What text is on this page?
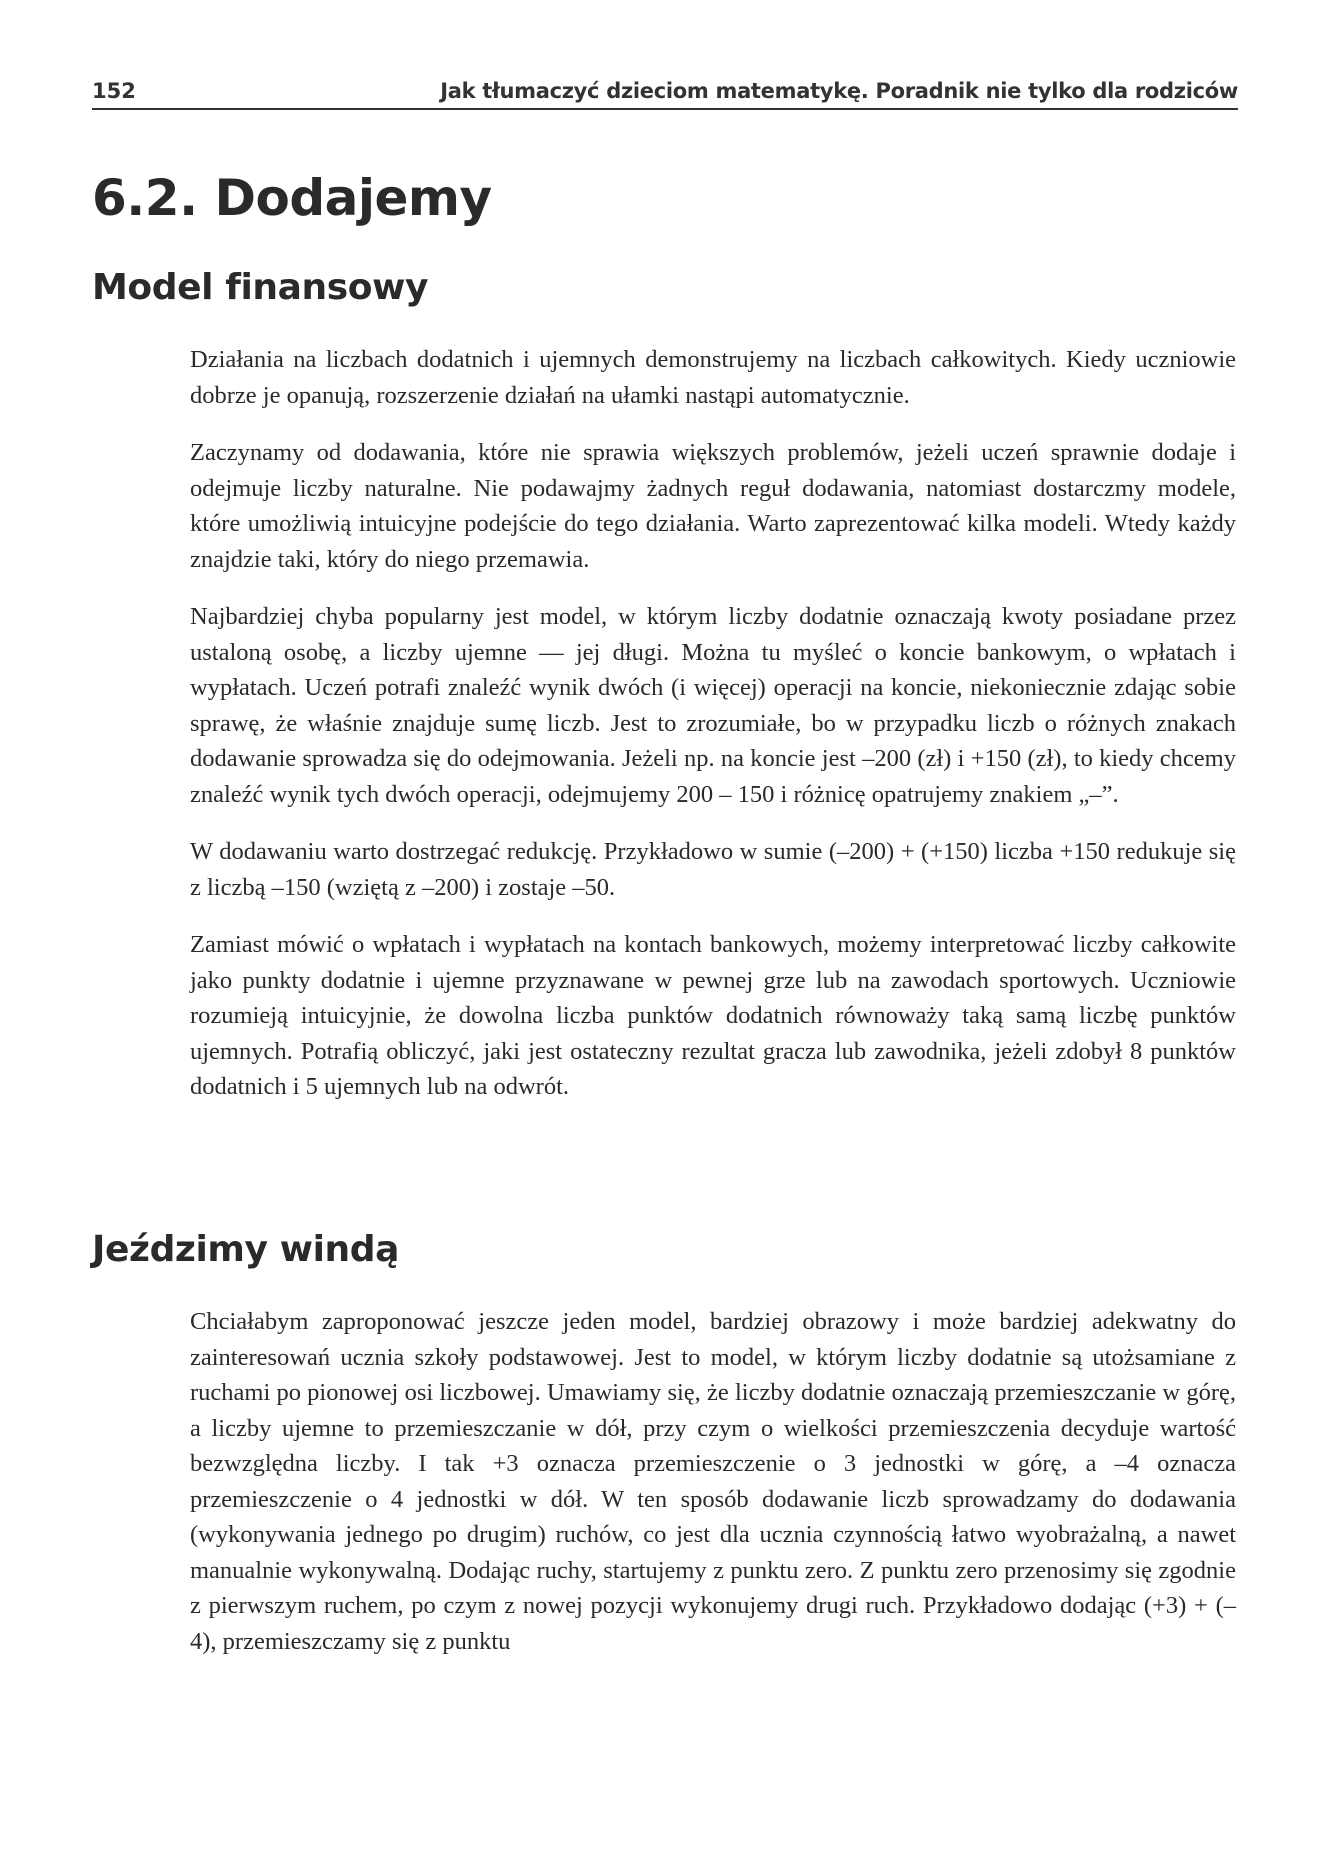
152	Jak tłumaczyć dzieciom matematykę. Poradnik nie tylko dla rodziców
6.2. Dodajemy
Model finansowy

Działania na liczbach dodatnich i ujemnych demonstrujemy na liczbach całkowitych. Kiedy uczniowie dobrze je opanują, rozszerzenie działań na ułamki nastąpi automatycznie.

Zaczynamy od dodawania, które nie sprawia większych problemów, jeżeli uczeń sprawnie dodaje i odejmuje liczby naturalne. Nie podawajmy żadnych reguł dodawania, natomiast dostarczmy modele, które umożliwią intuicyjne podejście do tego działania. Warto zaprezentować kilka modeli. Wtedy każdy znajdzie taki, który do niego przemawia.

Najbardziej chyba popularny jest model, w którym liczby dodatnie oznaczają kwoty posiadane przez ustaloną osobę, a liczby ujemne — jej długi. Można tu myśleć o koncie bankowym, o wpłatach i wypłatach. Uczeń potrafi znaleźć wynik dwóch (i więcej) operacji na koncie, niekoniecznie zdając sobie sprawę, że właśnie znajduje sumę liczb. Jest to zrozumiałe, bo w przypadku liczb o różnych znakach dodawanie sprowadza się do odejmowania. Jeżeli np. na koncie jest –200 (zł) i +150 (zł), to kiedy chcemy znaleźć wynik tych dwóch operacji, odejmujemy 200 – 150 i różnicę opatrujemy znakiem „–”.

W dodawaniu warto dostrzegać redukcję. Przykładowo w sumie (–200) + (+150) liczba +150 redukuje się z liczbą –150 (wziętą z –200) i zostaje –50.

Zamiast mówić o wpłatach i wypłatach na kontach bankowych, możemy interpretować liczby całkowite jako punkty dodatnie i ujemne przyznawane w pewnej grze lub na zawodach sportowych. Uczniowie rozumieją intuicyjnie, że dowolna liczba punktów dodatnich równoważy taką samą liczbę punktów ujemnych. Potrafią obliczyć, jaki jest ostateczny rezultat gracza lub zawodnika, jeżeli zdobył 8 punktów dodatnich i 5 ujemnych lub na odwrót.

Jeździmy windą

Chciałabym zaproponować jeszcze jeden model, bardziej obrazowy i może bardziej adekwatny do zainteresowań ucznia szkoły podstawowej. Jest to model, w którym liczby dodatnie są utożsamiane z ruchami po pionowej osi liczbowej. Umawiamy się, że liczby dodatnie oznaczają przemieszczanie w górę, a liczby ujemne to przemieszczanie w dół, przy czym o wielkości przemieszczenia decyduje wartość bezwzględna liczby. I tak +3 oznacza przemieszczenie o 3 jednostki w górę, a –4 oznacza przemieszczenie o 4 jednostki w dół. W ten sposób dodawanie liczb sprowadzamy do dodawania (wykonywania jednego po drugim) ruchów, co jest dla ucznia czynnością łatwo wyobrażalną, a nawet manualnie wykonywalną. Dodając ruchy, startujemy z punktu zero. Z punktu zero przenosimy się zgodnie z pierwszym ruchem, po czym z nowej pozycji wykonujemy drugi ruch. Przykładowo dodając (+3) + (–4), przemieszczamy się z punktu
